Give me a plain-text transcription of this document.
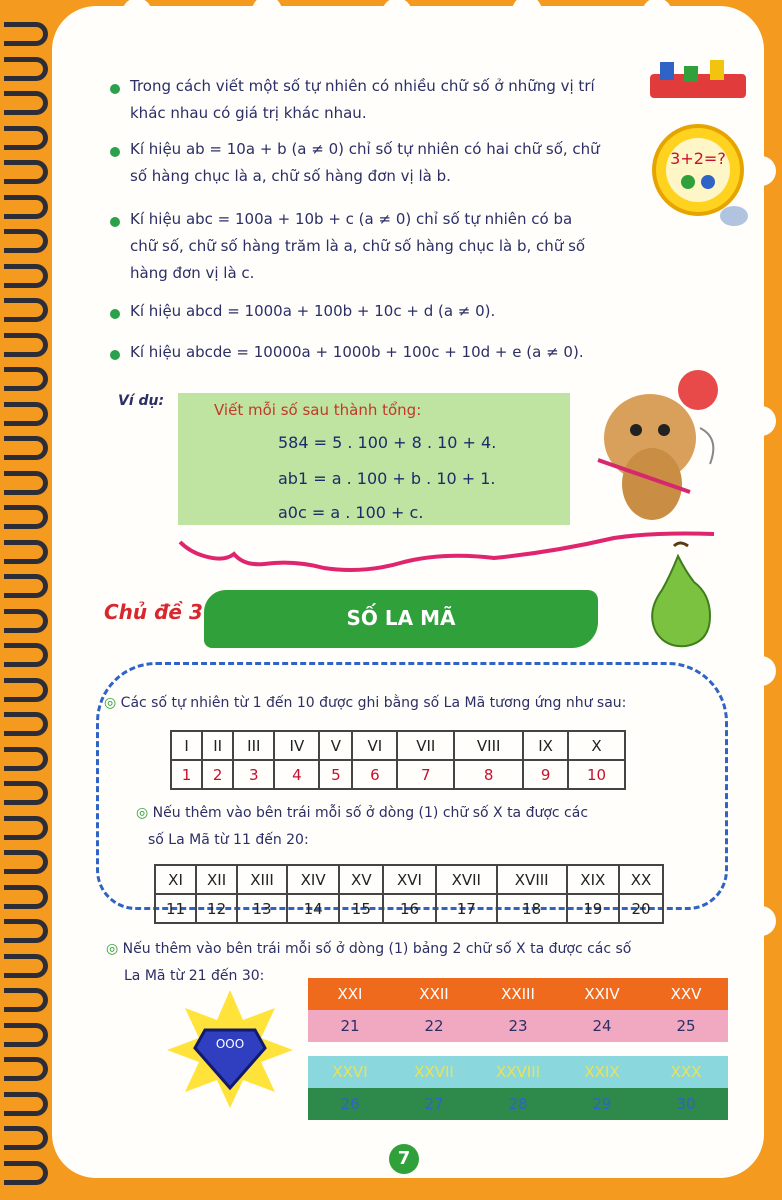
3+2=?
Trong cách viết một số tự nhiên có nhiều chữ số ở những vị trí
khác nhau có giá trị khác nhau.
Kí hiệu ab = 10a + b (a ≠ 0) chỉ số tự nhiên có hai chữ số, chữ
số hàng chục là a, chữ số hàng đơn vị là b.
Kí hiệu abc = 100a + 10b + c (a ≠ 0) chỉ số tự nhiên có ba
chữ số, chữ số hàng trăm là a, chữ số hàng chục là b, chữ số
hàng đơn vị là c.
Kí hiệu abcd = 1000a + 100b + 10c + d (a ≠ 0).
Kí hiệu abcde = 10000a + 1000b + 100c + 10d + e (a ≠ 0).
Ví dụ:	Viết mỗi số sau thành tổng:
584 = 5 . 100 + 8 . 10 + 4.
ab1 = a . 100 + b . 10 + 1.
a0c = a . 100 + c.
Chủ đề 3	SỐ LA MÃ
◎ Các số tự nhiên từ 1 đến 10 được ghi bằng số La Mã tương ứng như sau:
I	II	III	IV	V	VI	VII	VIII	IX	X
1	2	3	4	5	6	7	8	9	10
◎ Nếu thêm vào bên trái mỗi số ở dòng (1) chữ số X ta được các
số La Mã từ 11 đến 20:
XI	XII	XIII	XIV	XV	XVI	XVII	XVIII	XIX	XX
11	12	13	14	15	16	17	18	19	20
◎ Nếu thêm vào bên trái mỗi số ở dòng (1) bảng 2 chữ số X ta được các số
La Mã từ 21 đến 30:
XXI	XXII	XXIII	XXIV	XXV
21	22	23	24	25
XXVI	XXVII	XXVIII	XXIX	XXX
26	27	28	29	30
OOO
7
